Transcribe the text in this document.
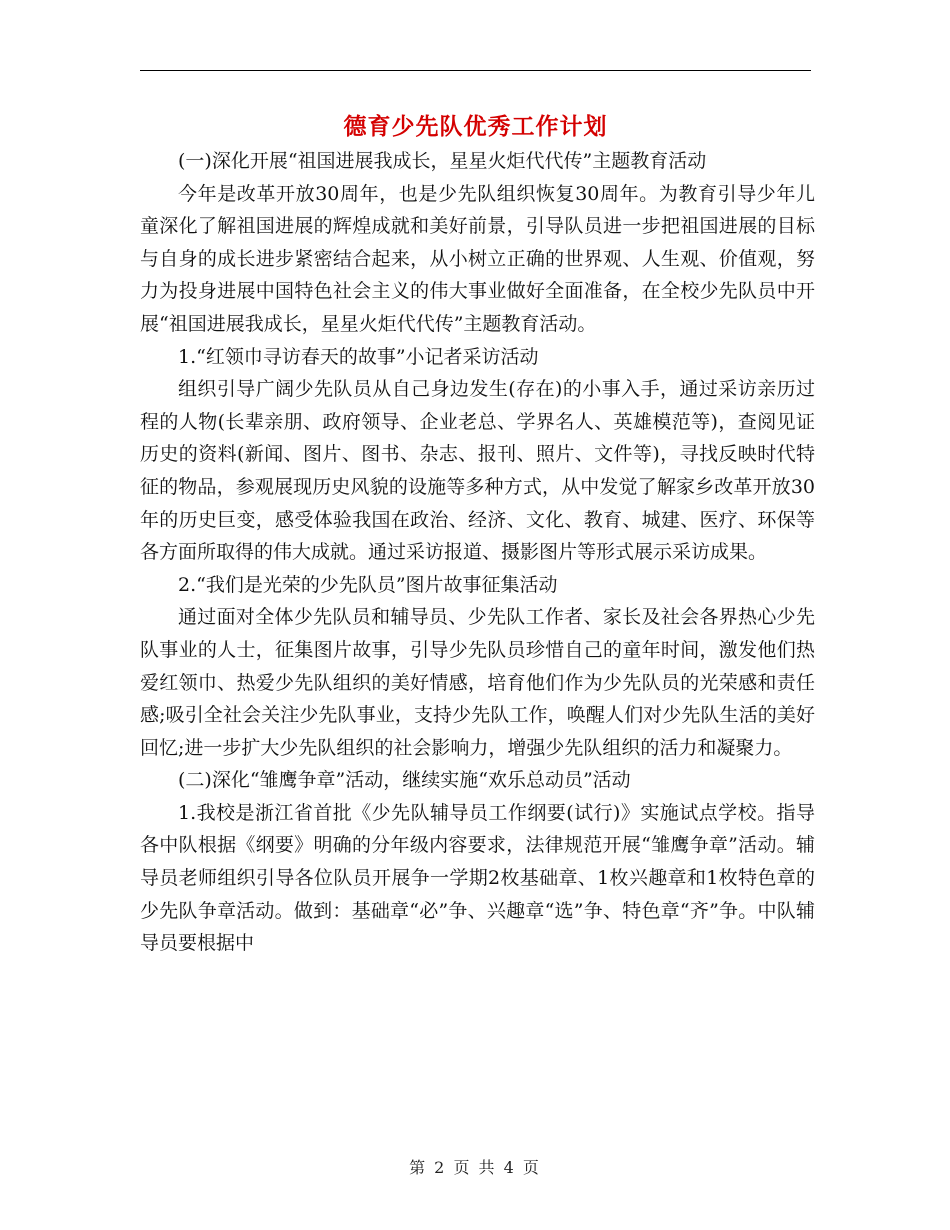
德育少先队优秀工作计划

(一)深化开展“祖国进展我成长，星星火炬代代传”主题教育活动

今年是改革开放30周年，也是少先队组织恢复30周年。为教育引导少年儿童深化了解祖国进展的辉煌成就和美好前景，引导队员进一步把祖国进展的目标与自身的成长进步紧密结合起来，从小树立正确的世界观、人生观、价值观，努力为投身进展中国特色社会主义的伟大事业做好全面准备，在全校少先队员中开展“祖国进展我成长，星星火炬代代传”主题教育活动。

1.“红领巾寻访春天的故事”小记者采访活动

组织引导广阔少先队员从自己身边发生(存在)的小事入手，通过采访亲历过程的人物(长辈亲朋、政府领导、企业老总、学界名人、英雄模范等)，查阅见证历史的资料(新闻、图片、图书、杂志、报刊、照片、文件等)，寻找反映时代特征的物品，参观展现历史风貌的设施等多种方式，从中发觉了解家乡改革开放30年的历史巨变，感受体验我国在政治、经济、文化、教育、城建、医疗、环保等各方面所取得的伟大成就。通过采访报道、摄影图片等形式展示采访成果。

2.“我们是光荣的少先队员”图片故事征集活动

通过面对全体少先队员和辅导员、少先队工作者、家长及社会各界热心少先队事业的人士，征集图片故事，引导少先队员珍惜自己的童年时间，激发他们热爱红领巾、热爱少先队组织的美好情感，培育他们作为少先队员的光荣感和责任感;吸引全社会关注少先队事业，支持少先队工作，唤醒人们对少先队生活的美好回忆;进一步扩大少先队组织的社会影响力，增强少先队组织的活力和凝聚力。

(二)深化“雏鹰争章”活动，继续实施“欢乐总动员”活动

1.我校是浙江省首批《少先队辅导员工作纲要(试行)》实施试点学校。指导各中队根据《纲要》明确的分年级内容要求，法律规范开展“雏鹰争章”活动。辅导员老师组织引导各位队员开展争一学期2枚基础章、1枚兴趣章和1枚特色章的少先队争章活动。做到：基础章“必”争、兴趣章“选”争、特色章“齐”争。中队辅导员要根据中

第 2 页 共 4 页
